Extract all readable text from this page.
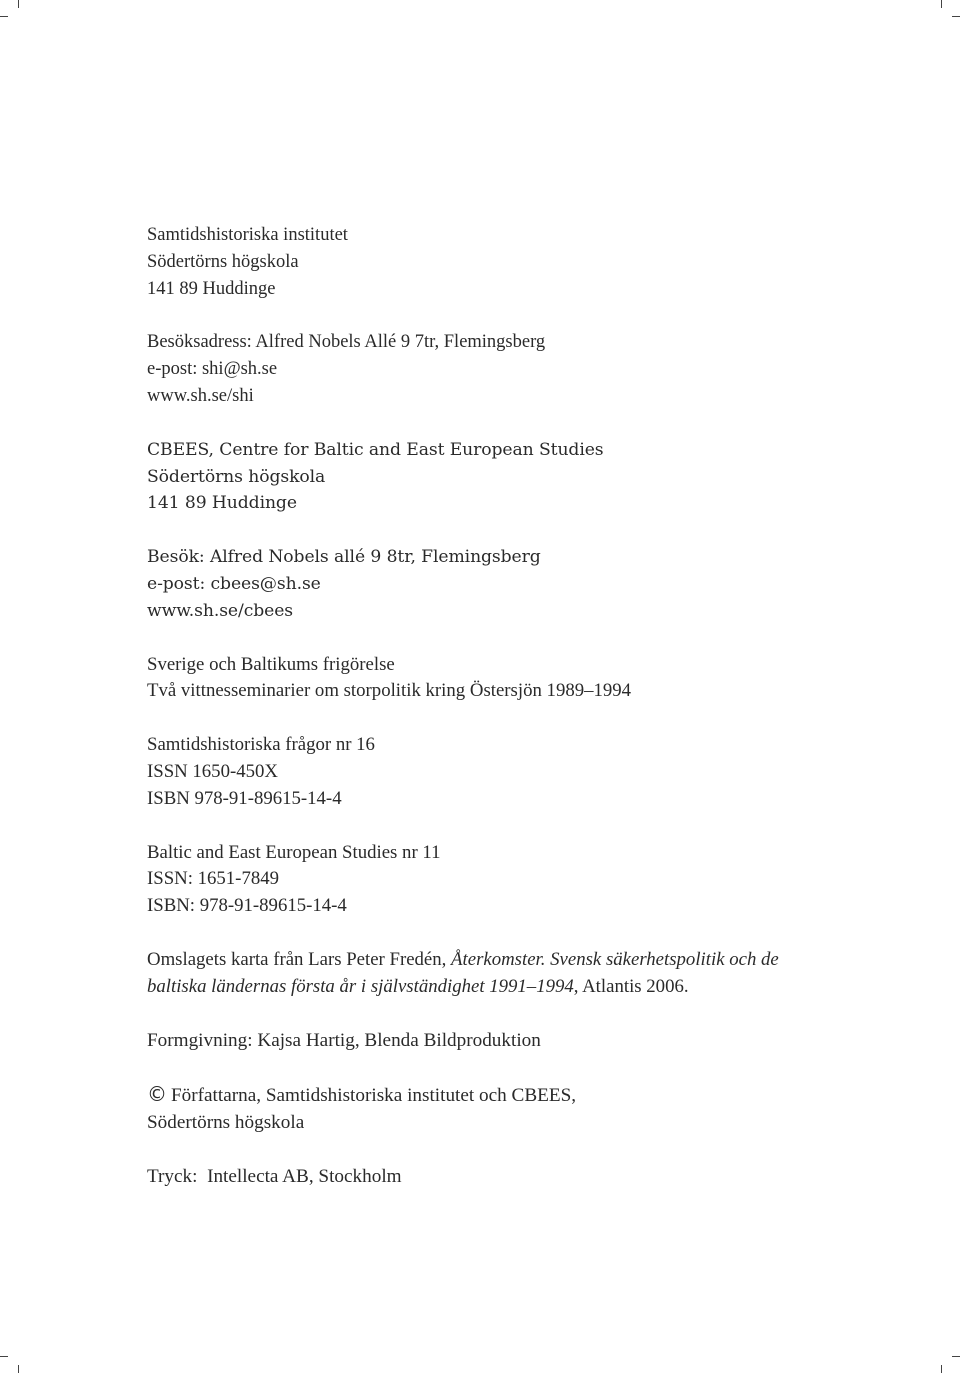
Samtidshistoriska institutet
Södertörns högskola
141 89 Huddinge
Besöksadress: Alfred Nobels Allé 9 7tr, Flemingsberg
e-post: shi@sh.se
www.sh.se/shi
CBEES, Centre for Baltic and East European Studies
Södertörns högskola
141 89 Huddinge
Besök: Alfred Nobels allé 9 8tr, Flemingsberg
e-post: cbees@sh.se
www.sh.se/cbees
Sverige och Baltikums frigörelse
Två vittnesseminarier om storpolitik kring Östersjön 1989–1994
Samtidshistoriska frågor nr 16
ISSN 1650-450X
ISBN 978-91-89615-14-4
Baltic and East European Studies nr 11
ISSN: 1651-7849
ISBN: 978-91-89615-14-4
Omslagets karta från Lars Peter Fredén, Återkomster. Svensk säkerhetspolitik och de
baltiska ländernas första år i självständighet 1991–1994, Atlantis 2006.
Formgivning: Kajsa Hartig, Blenda Bildproduktion
© Författarna, Samtidshistoriska institutet och CBEES,
Södertörns högskola
Tryck:  Intellecta AB, Stockholm
